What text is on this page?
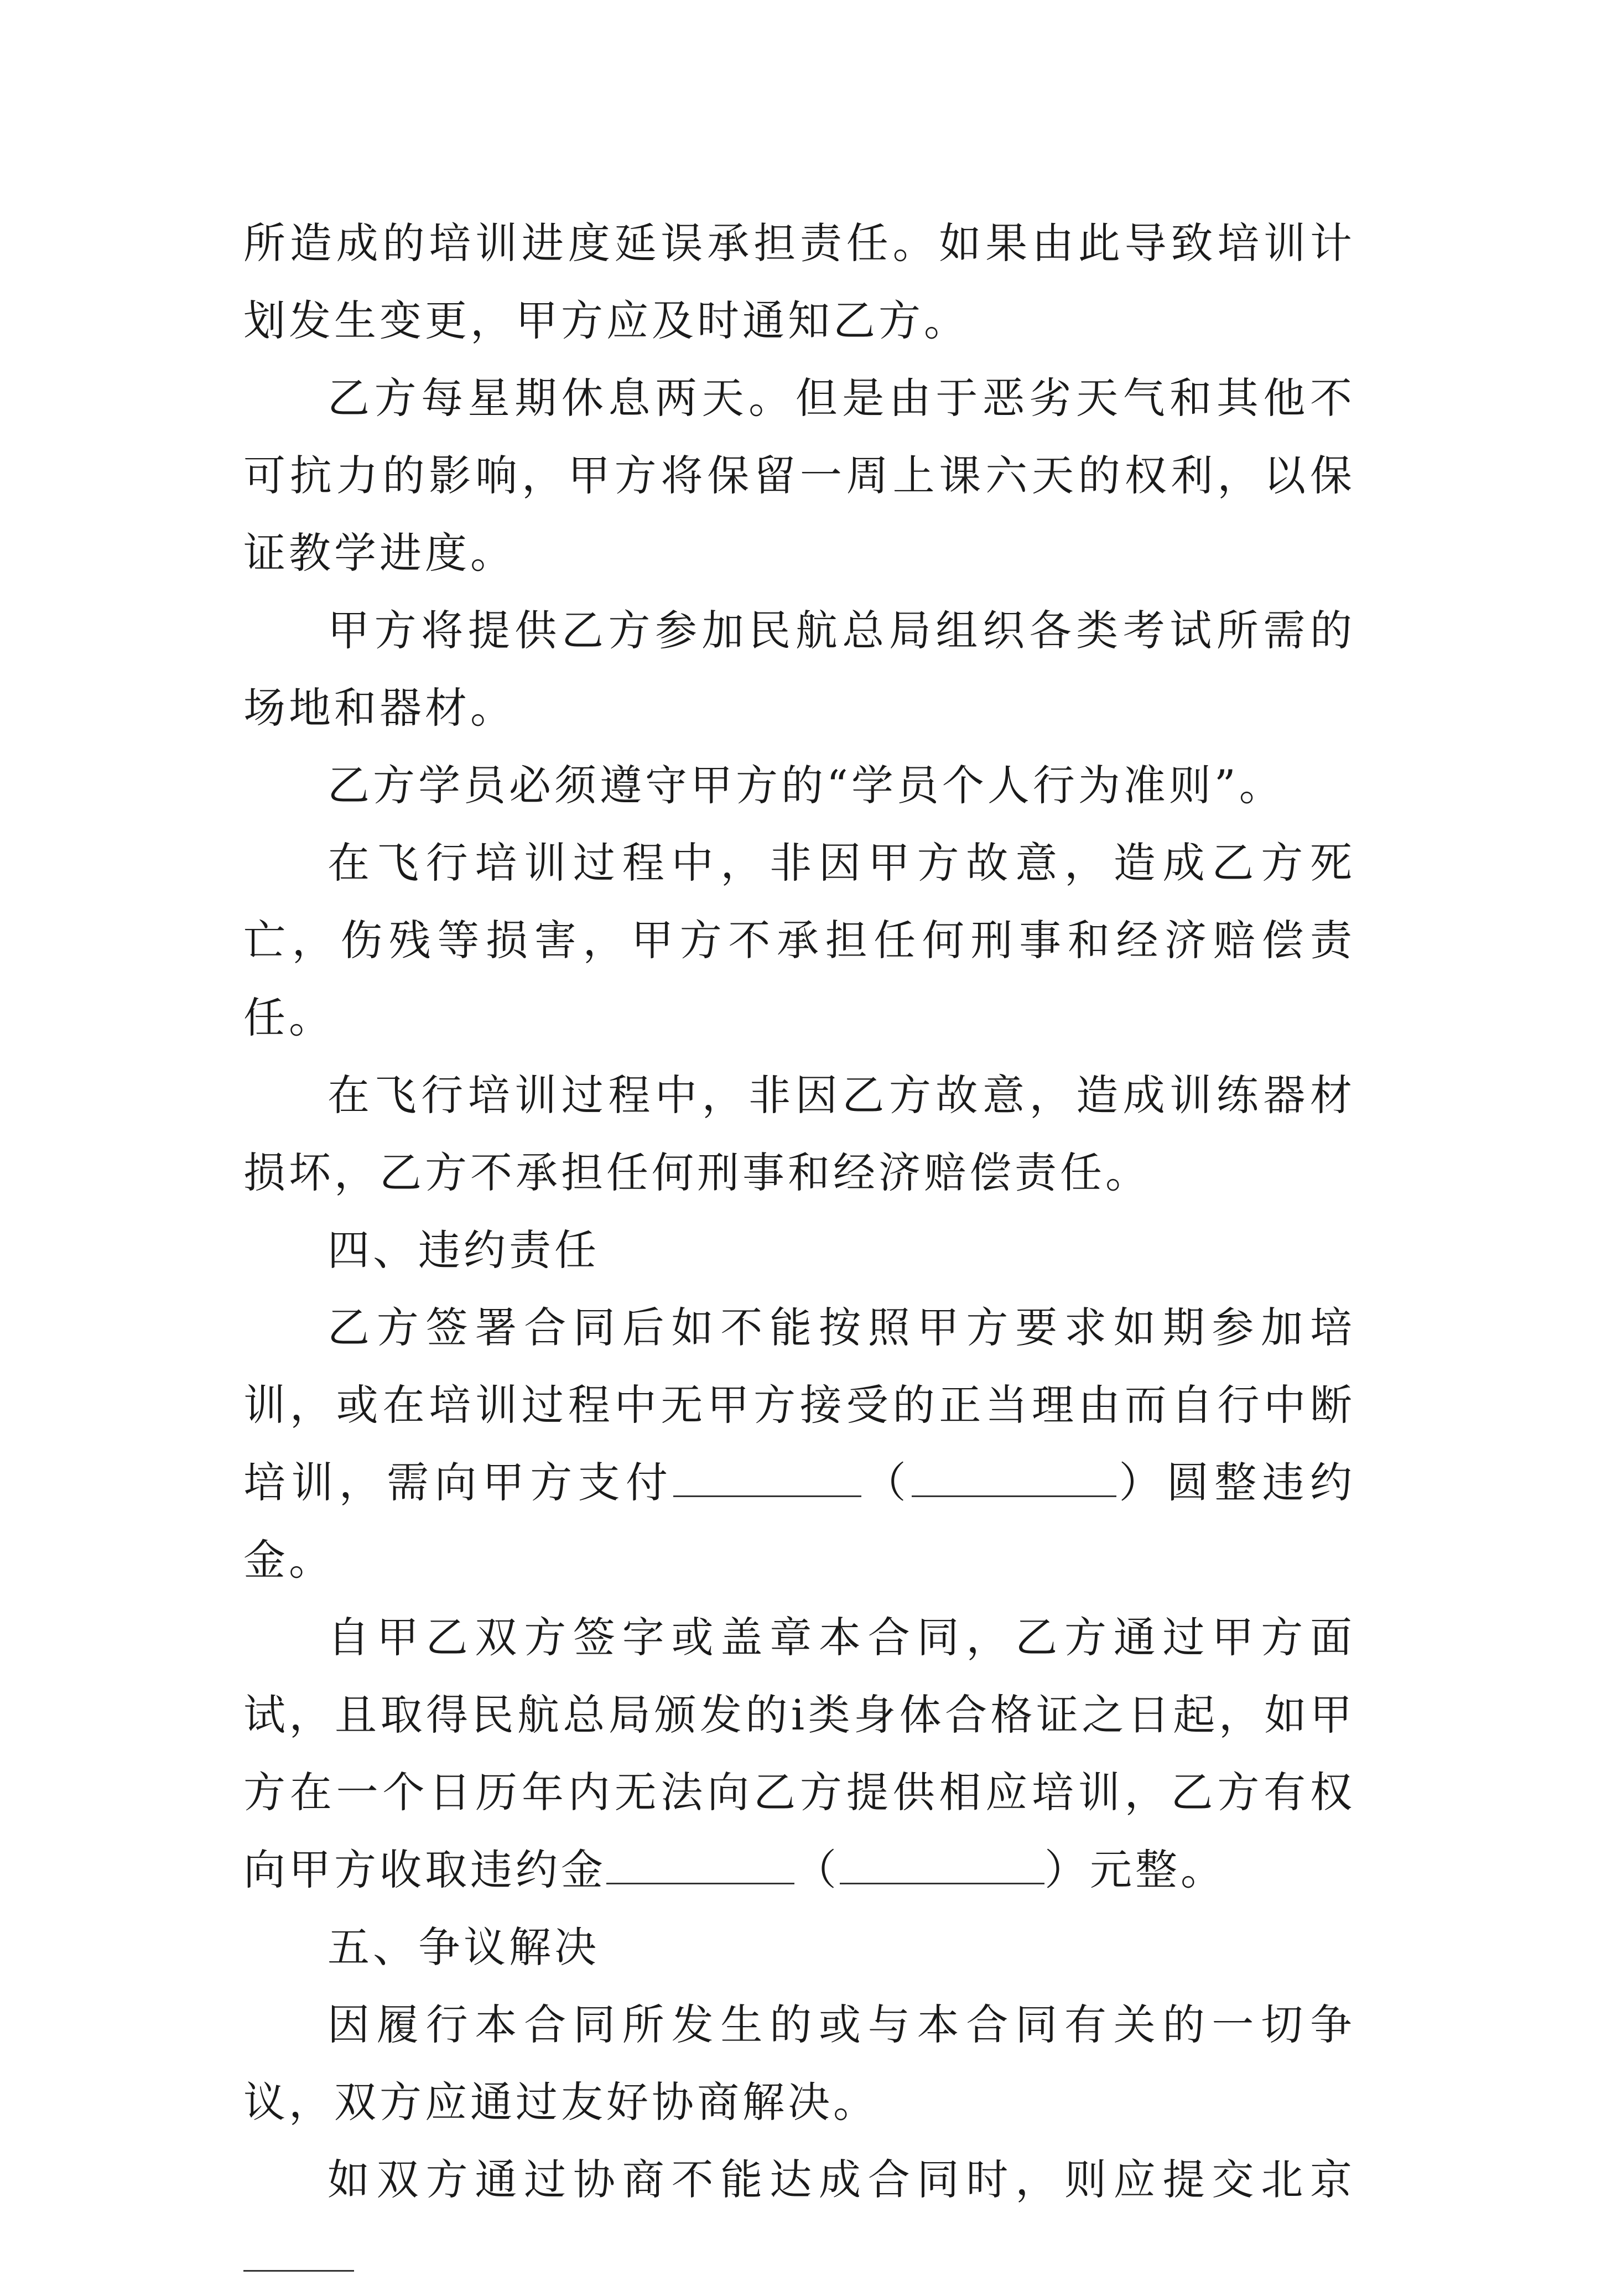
所造成的培训进度延误承担责任。如果由此导致培训计划发生变更，甲方应及时通知乙方。

乙方每星期休息两天。但是由于恶劣天气和其他不可抗力的影响，甲方将保留一周上课六天的权利，以保证教学进度。

甲方将提供乙方参加民航总局组织各类考试所需的场地和器材。

乙方学员必须遵守甲方的“学员个人行为准则”。

在飞行培训过程中，非因甲方故意，造成乙方死亡，伤残等损害，甲方不承担任何刑事和经济赔偿责任。

在飞行培训过程中，非因乙方故意，造成训练器材损坏，乙方不承担任何刑事和经济赔偿责任。

四、违约责任

乙方签署合同后如不能按照甲方要求如期参加培训，或在培训过程中无甲方接受的正当理由而自行中断培训，需向甲方支付	（	）圆整违约金。

自甲乙双方签字或盖章本合同，乙方通过甲方面试，且取得民航总局颁发的ⅰ类身体合格证之日起，如甲方在一个日历年内无法向乙方提供相应培训，乙方有权向甲方收取违约金	（	）元整。

五、争议解决

因履行本合同所发生的或与本合同有关的一切争议，双方应通过友好协商解决。

如双方通过协商不能达成合同时，则应提交北京
